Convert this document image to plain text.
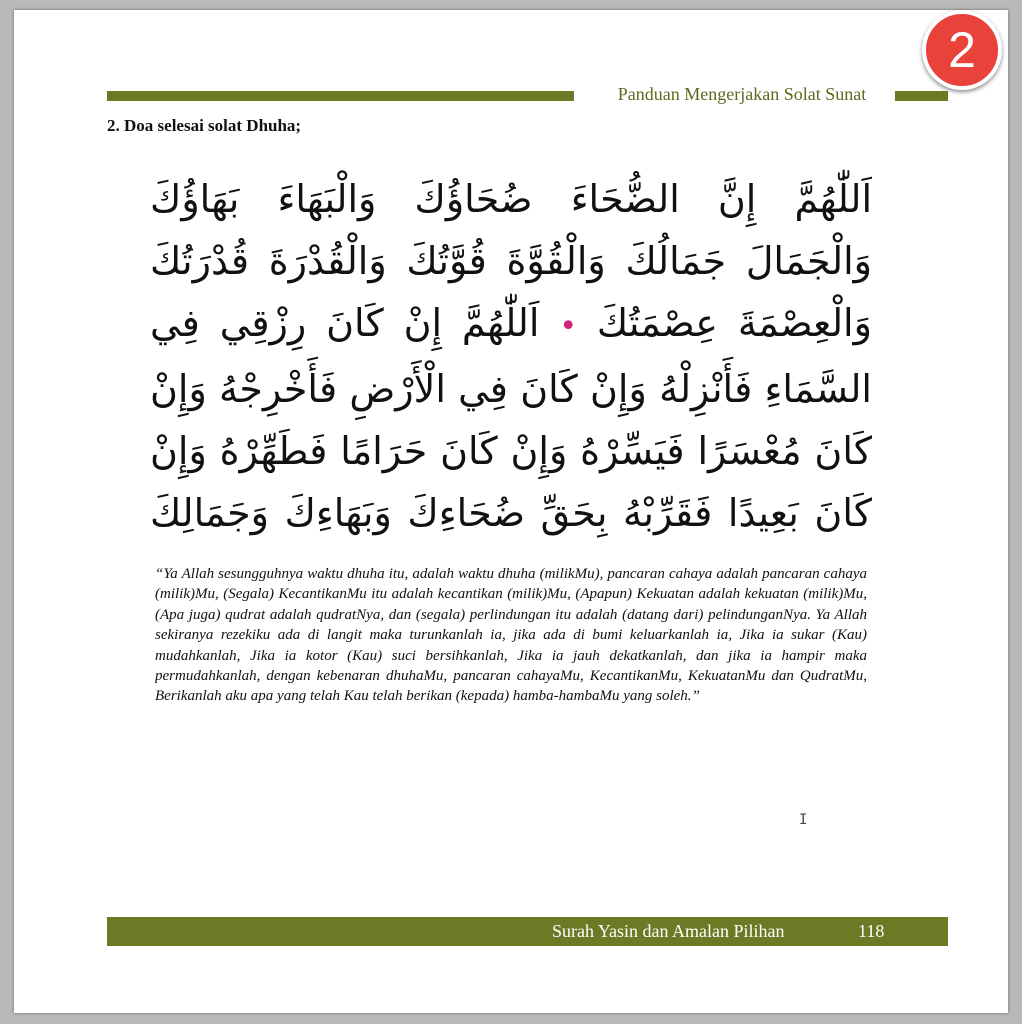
2
Panduan Mengerjakan Solat Sunat
2. Doa selesai solat Dhuha;
اَللّٰهُمَّ إِنَّ الضُّحَاءَ ضُحَاؤُكَ وَالْبَهَاءَ بَهَاؤُكَ وَالْجَمَالَ جَمَالُكَ وَالْقُوَّةَ قُوَّتُكَ وَالْقُدْرَةَ قُدْرَتُكَ وَالْعِصْمَةَ عِصْمَتُكَ • اَللّٰهُمَّ إِنْ كَانَ رِزْقِي فِي السَّمَاءِ فَأَنْزِلْهُ وَإِنْ كَانَ فِي الْأَرْضِ فَأَخْرِجْهُ وَإِنْ كَانَ مُعْسَرًا فَيَسِّرْهُ وَإِنْ كَانَ حَرَامًا فَطَهِّرْهُ وَإِنْ كَانَ بَعِيدًا فَقَرِّبْهُ بِحَقِّ ضُحَاءِكَ وَبَهَاءِكَ وَجَمَالِكَ
“Ya Allah sesungguhnya waktu dhuha itu, adalah waktu dhuha (milikMu), pancaran cahaya adalah pancaran cahaya (milik)Mu, (Segala) KecantikanMu itu adalah kecantikan (milik)Mu, (Apapun) Kekuatan adalah kekuatan (milik)Mu, (Apa juga) qudrat adalah qudratNya, dan (segala) perlindungan itu adalah (datang dari) pelindunganNya. Ya Allah sekiranya rezekiku ada di langit maka turunkanlah ia, jika ada di bumi keluarkanlah ia, Jika ia sukar (Kau) mudahkanlah, Jika ia kotor (Kau) suci bersihkanlah, Jika ia jauh dekatkanlah, dan jika ia hampir maka permudahkanlah, dengan kebenaran dhuhaMu, pancaran cahayaMu, KecantikanMu, KekuatanMu dan QudratMu, Berikanlah aku apa yang telah Kau telah berikan (kepada) hamba-hambaMu yang soleh.”
I
Surah Yasin dan Amalan Pilihan	118
